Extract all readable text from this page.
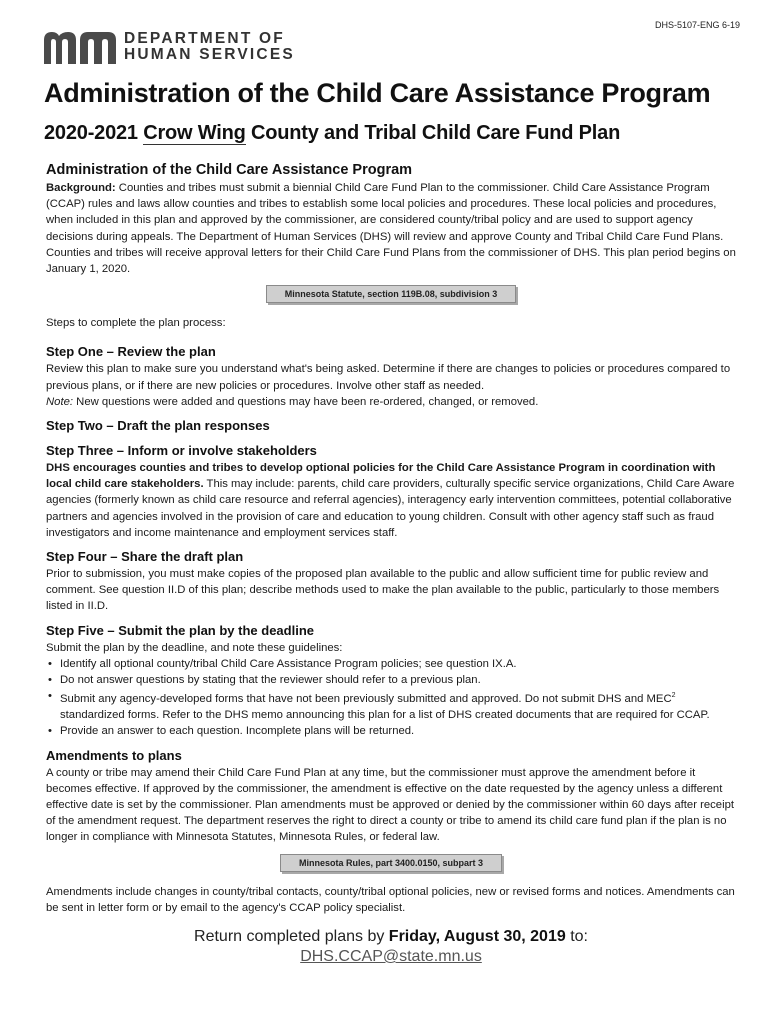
DHS-5107-ENG 6-19
DEPARTMENT OF
HUMAN SERVICES
Administration of the Child Care Assistance Program
2020-2021 Crow Wing County and Tribal Child Care Fund Plan
Administration of the Child Care Assistance Program

Background: Counties and tribes must submit a biennial Child Care Fund Plan to the commissioner. Child Care Assistance Program (CCAP) rules and laws allow counties and tribes to establish some local policies and procedures. These local policies and procedures, when included in this plan and approved by the commissioner, are considered county/tribal policy and are used to support agency decisions during appeals. The Department of Human Services (DHS) will review and approve County and Tribal Child Care Fund Plans. Counties and tribes will receive approval letters for their Child Care Fund Plans from the commissioner of DHS. This plan period begins on January 1, 2020.

Minnesota Statute, section 119B.08, subdivision 3

Steps to complete the plan process:

Step One – Review the plan

Review this plan to make sure you understand what's being asked. Determine if there are changes to policies or procedures compared to previous plans, or if there are new policies or procedures. Involve other staff as needed.

Note: New questions were added and questions may have been re-ordered, changed, or removed.

Step Two – Draft the plan responses
Step Three – Inform or involve stakeholders

DHS encourages counties and tribes to develop optional policies for the Child Care Assistance Program in coordination with local child care stakeholders. This may include: parents, child care providers, culturally specific service organizations, Child Care Aware agencies (formerly known as child care resource and referral agencies), interagency early intervention committees, potential collaborative partners and agencies involved in the provision of care and education to young children. Consult with other agency staff such as fraud investigators and income maintenance and employment services staff.

Step Four – Share the draft plan

Prior to submission, you must make copies of the proposed plan available to the public and allow sufficient time for public review and comment. See question II.D of this plan; describe methods used to make the plan available to the public, particularly to those members listed in II.D.

Step Five – Submit the plan by the deadline

Submit the plan by the deadline, and note these guidelines:

• Identify all optional county/tribal Child Care Assistance Program policies; see question IX.A.
• Do not answer questions by stating that the reviewer should refer to a previous plan.
• Submit any agency-developed forms that have not been previously submitted and approved. Do not submit DHS and MEC$^2$ standardized forms. Refer to the DHS memo announcing this plan for a list of DHS created documents that are required for CCAP.
• Provide an answer to each question. Incomplete plans will be returned.
Amendments to plans

A county or tribe may amend their Child Care Fund Plan at any time, but the commissioner must approve the amendment before it becomes effective. If approved by the commissioner, the amendment is effective on the date requested by the agency unless a different effective date is set by the commissioner. Plan amendments must be approved or denied by the commissioner within 60 days after receipt of the amendment request. The department reserves the right to direct a county or tribe to amend its child care fund plan if the plan is no longer in compliance with Minnesota Statutes, Minnesota Rules, or federal law.

Minnesota Rules, part 3400.0150, subpart 3

Amendments include changes in county/tribal contacts, county/tribal optional policies, new or revised forms and notices. Amendments can be sent in letter form or by email to the agency's CCAP policy specialist.

Return completed plans by Friday, August 30, 2019 to:
DHS.CCAP@state.mn.us
